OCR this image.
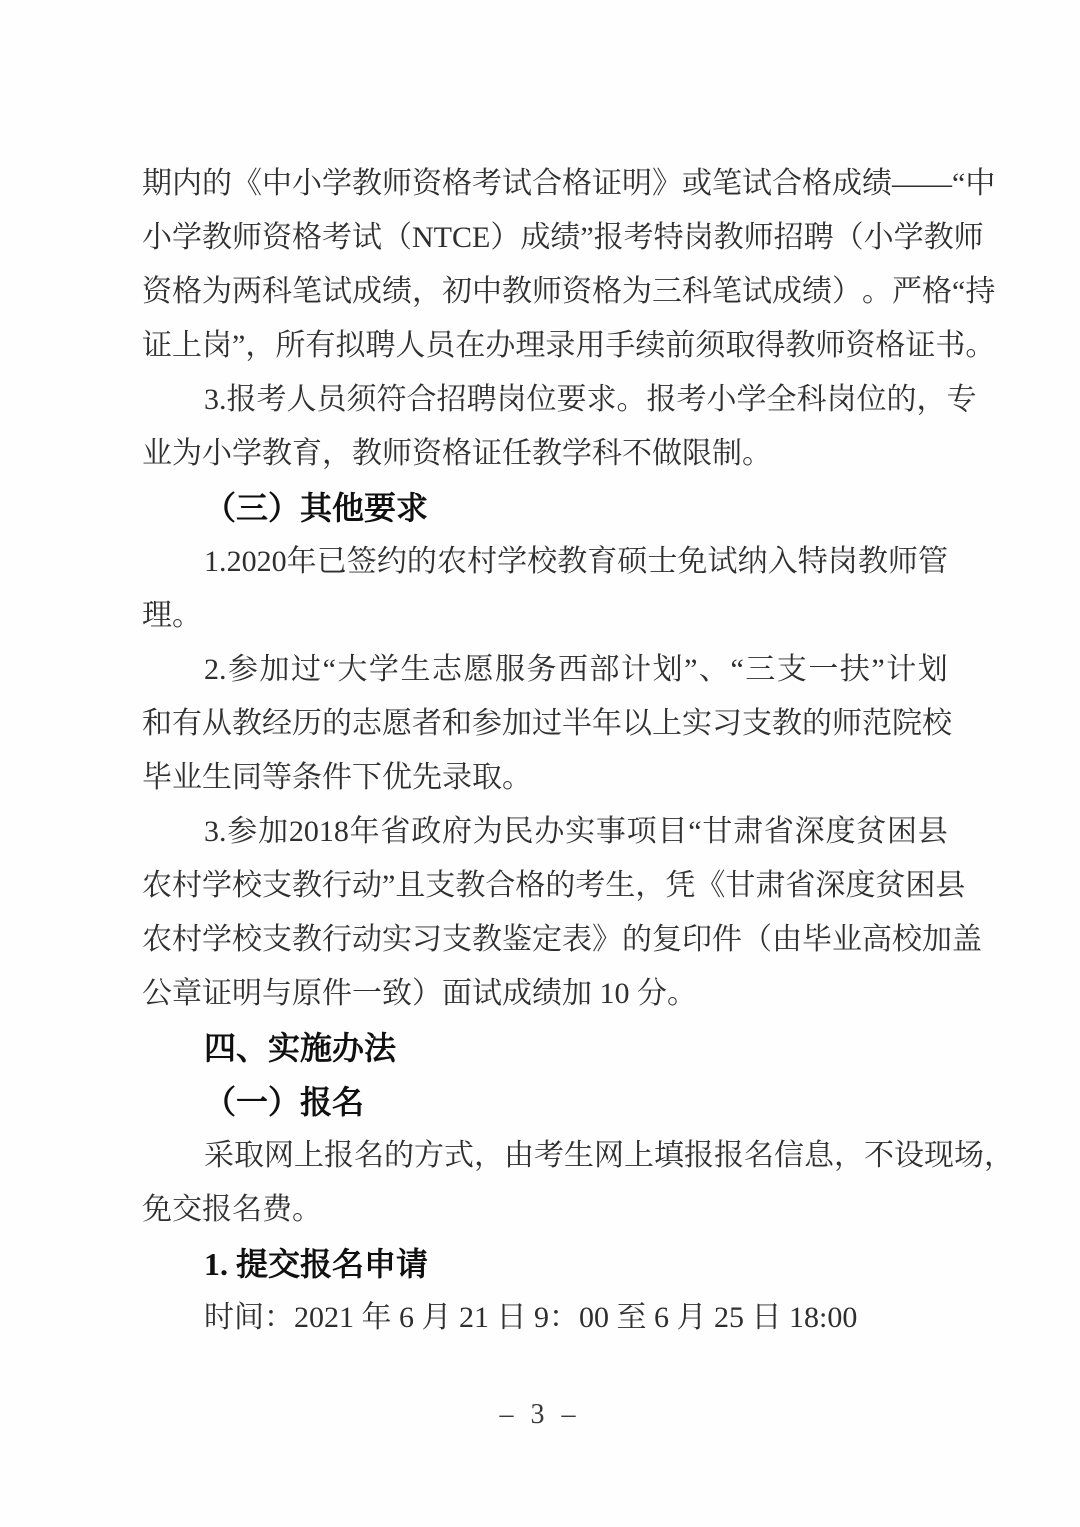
期 内 的 《 中 小 学 教 师 资 格 考 试 合 格 证 明 》 或 笔 试 合 格 成 绩 —— “ 中
小 学 教 师 资 格 考 试 （ NTCE ） 成 绩 ” 报 考 特 岗 教 师 招 聘 （ 小 学 教 师
资 格 为 两 科 笔 试 成 绩 ， 初 中 教 师 资 格 为 三 科 笔 试 成 绩 ） 。 严 格 “ 持
证 上 岗 ” ， 所 有 拟 聘 人 员 在 办 理 录 用 手 续 前 须 取 得 教 师 资 格 证 书 。
3. 报 考 人 员 须 符 合 招 聘 岗 位 要 求 。 报 考 小 学 全 科 岗 位 的 ， 专
业为小学教育，教师资格证任教学科不做限制。
（三）其他要求
1. 2020 年 已 签 约 的 农 村 学 校 教 育 硕 士 免 试 纳 入 特 岗 教 师 管
理。
2. 参 加 过 “ 大 学 生 志 愿 服 务 西 部 计 划 ” 、 “ 三 支 一 扶 ” 计 划
和 有 从 教 经 历 的 志 愿 者 和 参 加 过 半 年 以 上 实 习 支 教 的 师 范 院 校
毕业生同等条件下优先录取。
3. 参 加 2018 年 省 政 府 为 民 办 实 事 项 目 “ 甘 肃 省 深 度 贫 困 县
农 村 学 校 支 教 行 动 ” 且 支 教 合 格 的 考 生 ， 凭 《 甘 肃 省 深 度 贫 困 县
农 村 学 校 支 教 行 动 实 习 支 教 鉴 定 表 》 的 复 印 件 （ 由 毕 业 高 校 加 盖
公章证明与原件一致）面试成绩加 10 分。
四、实施办法
（一）报名
采 取 网 上 报 名 的 方 式 ， 由 考 生 网 上 填 报 报 名 信 息 ， 不 设 现 场 ，
免交报名费。
1. 提交报名申请
时间：2021 年 6 月 21 日 9：00 至 6 月 25 日 18:00
– 3 –
